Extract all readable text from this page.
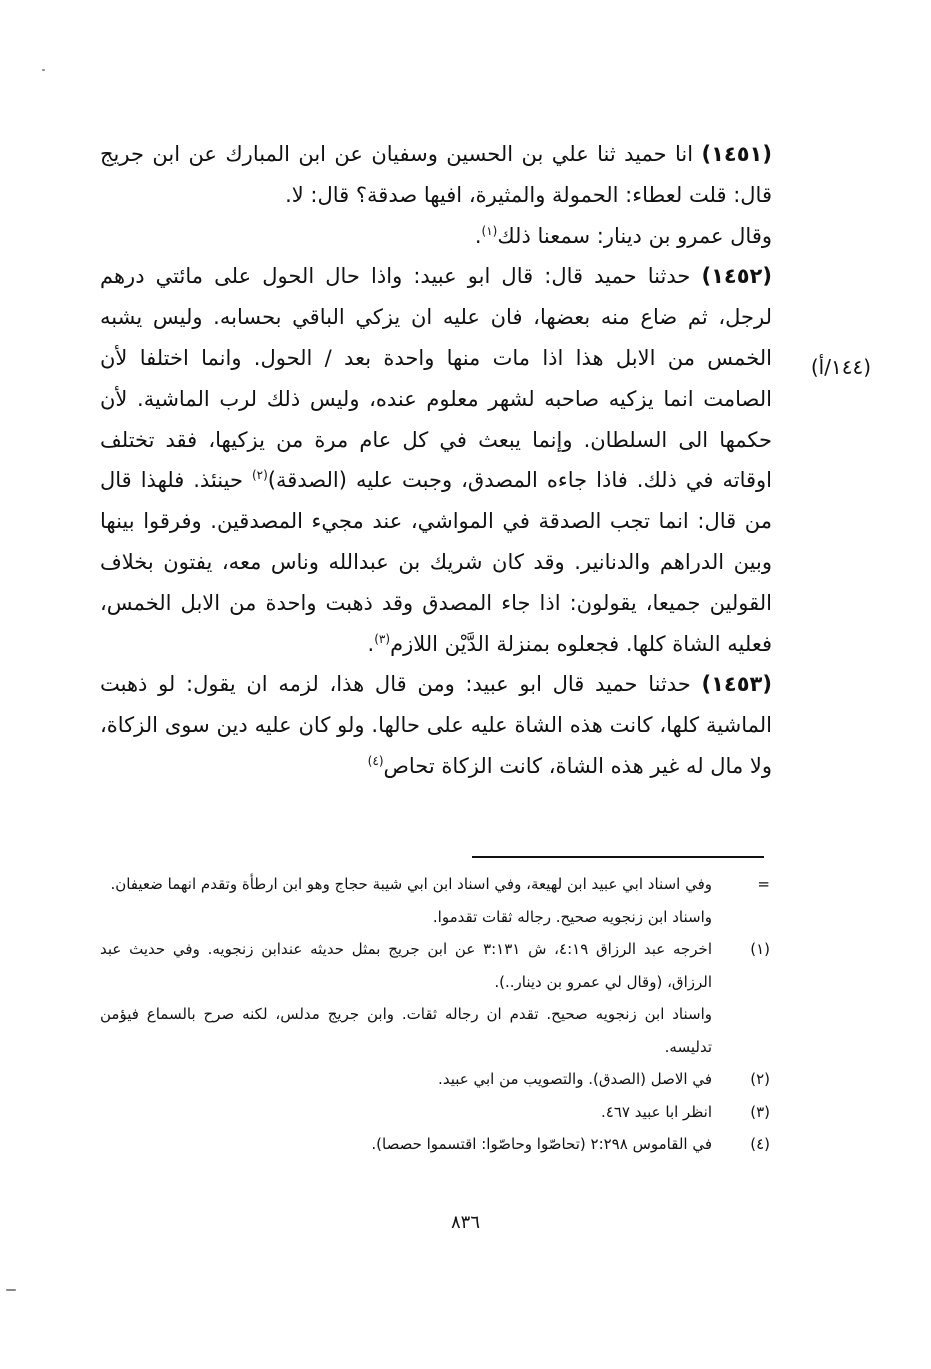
(١٤٥١) انا حميد ثنا علي بن الحسين وسفيان عن ابن المبارك عن ابن جريج قال: قلت لعطاء: الحمولة والمثيرة، افيها صدقة؟ قال: لا.

وقال عمرو بن دينار: سمعنا ذلك$^{(١)}$.

(١٤٥٢) حدثنا حميد قال: قال ابو عبيد: واذا حال الحول على مائتي درهم لرجل، ثم ضاع منه بعضها، فان عليه ان يزكي الباقي بحسابه. وليس يشبه الخمس من الابل هذا اذا مات منها واحدة بعد / الحول. وانما اختلفا لأن الصامت انما يزكيه صاحبه لشهر معلوم عنده، وليس ذلك لرب الماشية. لأن حكمها الى السلطان. وإنما يبعث في كل عام مرة من يزكيها، فقد تختلف اوقاته في ذلك. فاذا جاءه المصدق، وجبت عليه (الصدقة)$^{(٢)}$ حينئذ. فلهذا قال من قال: انما تجب الصدقة في المواشي، عند مجيء المصدقين. وفرقوا بينها وبين الدراهم والدنانير. وقد كان شريك بن عبدالله وناس معه، يفتون بخلاف القولين جميعا، يقولون: اذا جاء المصدق وقد ذهبت واحدة من الابل الخمس، فعليه الشاة كلها. فجعلوه بمنزلة الدَّيْن اللازم$^{(٣)}$.

(١٤٥٣) حدثنا حميد قال ابو عبيد: ومن قال هذا، لزمه ان يقول: لو ذهبت الماشية كلها، كانت هذه الشاة عليه على حالها. ولو كان عليه دين سوى الزكاة، ولا مال له غير هذه الشاة، كانت الزكاة تحاص$^{(٤)}$

(١٤٤/أ)
=
وفي اسناد ابي عبيد ابن لهيعة، وفي اسناد ابن ابي شيبة حجاج وهو ابن ارطأة وتقدم انهما ضعيفان.
واسناد ابن زنجويه صحيح. رجاله ثقات تقدموا.
(١)
اخرجه عبد الرزاق ٤:١٩، ش ٣:١٣١ عن ابن جريج بمثل حديثه عندابن زنجويه. وفي حديث عبد الرزاق، (وقال لي عمرو بن دينار..).
واسناد ابن زنجويه صحيح. تقدم ان رجاله ثقات. وابن جريج مدلس، لكنه صرح بالسماع فيؤمن تدليسه.
(٢)
في الاصل (الصدق). والتصويب من ابي عبيد.
(٣)
انظر ابا عبيد ٤٦٧.
(٤)
في القاموس ٢:٢٩٨ (تحاصّوا وحاصّوا: اقتسموا حصصا).
٨٣٦
